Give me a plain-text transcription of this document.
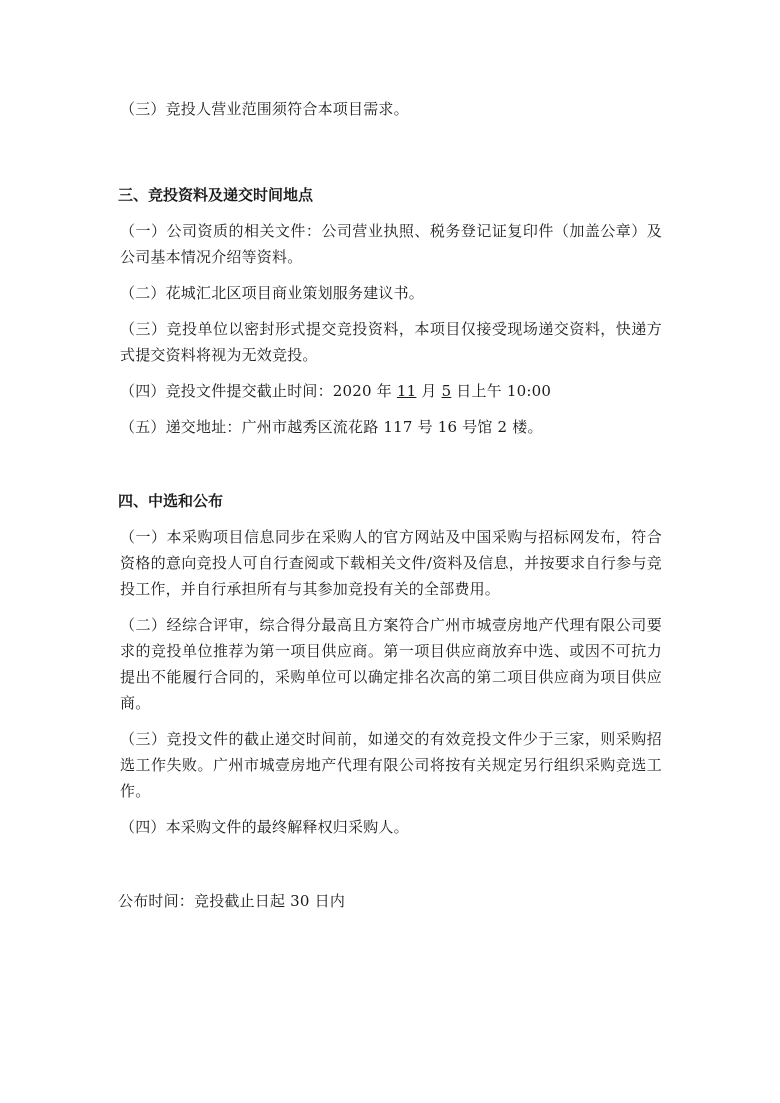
（三）竞投人营业范围须符合本项目需求。

三、竞投资料及递交时间地点

（一）公司资质的相关文件：公司营业执照、税务登记证复印件（加盖公章）及公司基本情况介绍等资料。

（二）花城汇北区项目商业策划服务建议书。

（三）竞投单位以密封形式提交竞投资料，本项目仅接受现场递交资料，快递方式提交资料将视为无效竞投。

（四）竞投文件提交截止时间：2020 年 11 月 5 日上午 10:00

（五）递交地址：广州市越秀区流花路 117 号 16 号馆 2 楼。

四、中选和公布

（一）本采购项目信息同步在采购人的官方网站及中国采购与招标网发布，符合资格的意向竞投人可自行查阅或下载相关文件/资料及信息，并按要求自行参与竞投工作，并自行承担所有与其参加竞投有关的全部费用。

（二）经综合评审，综合得分最高且方案符合广州市城壹房地产代理有限公司要求的竞投单位推荐为第一项目供应商。第一项目供应商放弃中选、或因不可抗力提出不能履行合同的，采购单位可以确定排名次高的第二项目供应商为项目供应商。

（三）竞投文件的截止递交时间前，如递交的有效竞投文件少于三家，则采购招选工作失败。广州市城壹房地产代理有限公司将按有关规定另行组织采购竞选工作。

（四）本采购文件的最终解释权归采购人。

公布时间：竞投截止日起 30 日内
